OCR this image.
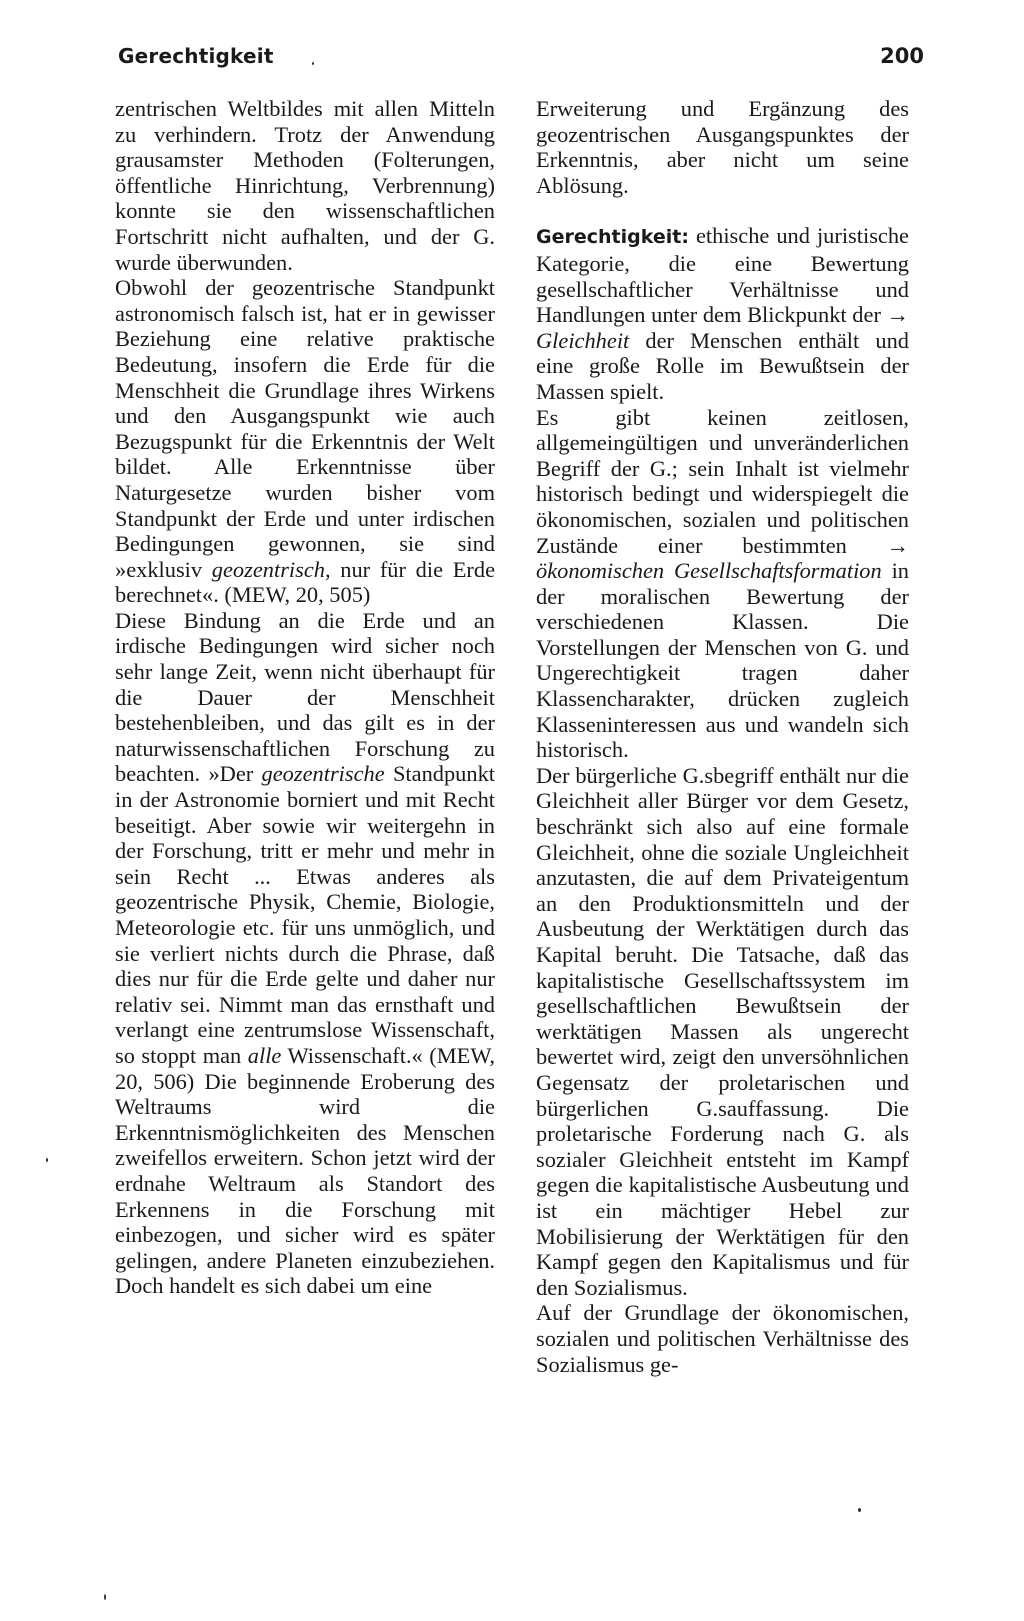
Gerechtigkeit	200

zentrischen Weltbildes mit allen Mitteln zu verhindern. Trotz der Anwendung grausamster Methoden (Folterungen, öffentliche Hinrichtung, Verbrennung) konnte sie den wissenschaftlichen Fortschritt nicht aufhalten, und der G. wurde überwunden.

Obwohl der geozentrische Standpunkt astronomisch falsch ist, hat er in gewisser Beziehung eine relative praktische Bedeutung, insofern die Erde für die Menschheit die Grundlage ihres Wirkens und den Ausgangspunkt wie auch Bezugspunkt für die Erkenntnis der Welt bildet. Alle Erkenntnisse über Naturgesetze wurden bisher vom Standpunkt der Erde und unter irdischen Bedingungen gewonnen, sie sind »exklusiv geozentrisch, nur für die Erde berechnet«. (MEW, 20, 505)

Diese Bindung an die Erde und an irdische Bedingungen wird sicher noch sehr lange Zeit, wenn nicht überhaupt für die Dauer der Menschheit bestehenbleiben, und das gilt es in der naturwissenschaftlichen Forschung zu beachten. »Der geozentrische Standpunkt in der Astronomie borniert und mit Recht beseitigt. Aber sowie wir weitergehn in der Forschung, tritt er mehr und mehr in sein Recht ... Etwas anderes als geozentrische Physik, Chemie, Biologie, Meteorologie etc. für uns unmöglich, und sie verliert nichts durch die Phrase, daß dies nur für die Erde gelte und daher nur relativ sei. Nimmt man das ernsthaft und verlangt eine zentrumslose Wissenschaft, so stoppt man alle Wissenschaft.« (MEW, 20, 506) Die beginnende Eroberung des Weltraums wird die Erkenntnismöglichkeiten des Menschen zweifellos erweitern. Schon jetzt wird der erdnahe Weltraum als Standort des Erkennens in die Forschung mit einbezogen, und sicher wird es später gelingen, andere Planeten einzubeziehen. Doch handelt es sich dabei um eine

Erweiterung und Ergänzung des geozentrischen Ausgangspunktes der Erkenntnis, aber nicht um seine Ablösung.

Gerechtigkeit: ethische und juristische Kategorie, die eine Bewertung gesellschaftlicher Verhältnisse und Handlungen unter dem Blickpunkt der → Gleichheit der Menschen enthält und eine große Rolle im Bewußtsein der Massen spielt.

Es gibt keinen zeitlosen, allgemeingültigen und unveränderlichen Begriff der G.; sein Inhalt ist vielmehr historisch bedingt und widerspiegelt die ökonomischen, sozialen und politischen Zustände einer bestimmten → ökonomischen Gesellschaftsformation in der moralischen Bewertung der verschiedenen Klassen. Die Vorstellungen der Menschen von G. und Ungerechtigkeit tragen daher Klassencharakter, drücken zugleich Klasseninteressen aus und wandeln sich historisch.

Der bürgerliche G.sbegriff enthält nur die Gleichheit aller Bürger vor dem Gesetz, beschränkt sich also auf eine formale Gleichheit, ohne die soziale Ungleichheit anzutasten, die auf dem Privateigentum an den Produktionsmitteln und der Ausbeutung der Werktätigen durch das Kapital beruht. Die Tatsache, daß das kapitalistische Gesellschaftssystem im gesellschaftlichen Bewußtsein der werktätigen Massen als ungerecht bewertet wird, zeigt den unversöhnlichen Gegensatz der proletarischen und bürgerlichen G.sauffassung. Die proletarische Forderung nach G. als sozialer Gleichheit entsteht im Kampf gegen die kapitalistische Ausbeutung und ist ein mächtiger Hebel zur Mobilisierung der Werktätigen für den Kampf gegen den Kapitalismus und für den Sozialismus.

Auf der Grundlage der ökonomischen, sozialen und politischen Verhältnisse des Sozialismus ge-
